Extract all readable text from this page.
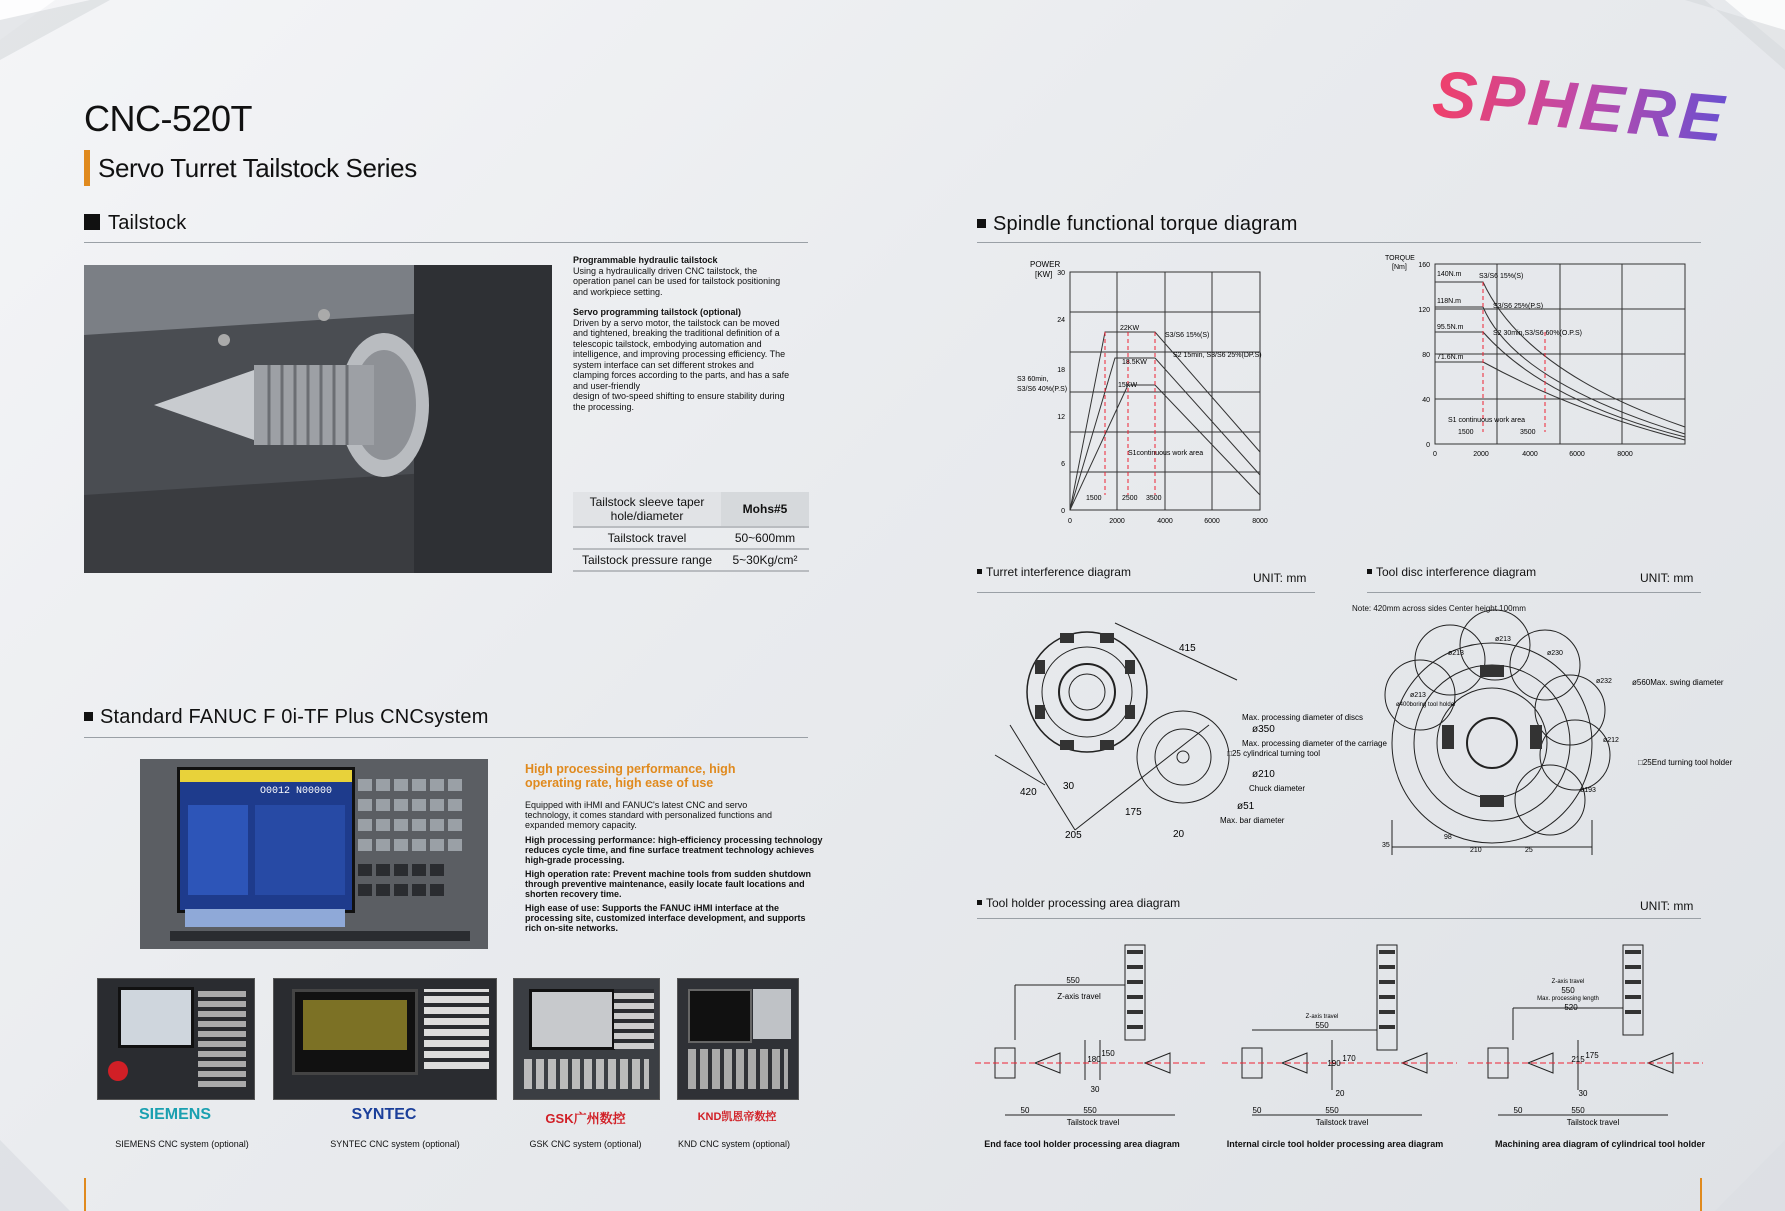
CNC-520T
Servo Turret Tailstock Series
SPHERE
Tailstock
Programmable hydraulic tailstock
Using a hydraulically driven CNC tailstock, the
operation panel can be used for tailstock positioning
and workpiece setting.
Servo programming tailstock (optional)
Driven by a servo motor, the tailstock can be moved
and tightened, breaking the traditional definition of a
telescopic tailstock, embodying automation and
intelligence, and improving processing efficiency. The
system interface can set different strokes and
clamping forces according to the parts, and has a safe
and user-friendly
design of two-speed shifting to ensure stability during
the processing.
Tailstock sleeve taper hole/diameter	Mohs#5
Tailstock travel	50~600mm
Tailstock pressure range	5~30Kg/cm²
Standard FANUC F 0i-TF Plus CNCsystem
O0012 N00000
High processing performance, high operating rate, high ease of use
Equipped with iHMI and FANUC's latest CNC and servo technology, it comes standard with personalized functions and expanded memory capacity.
High processing performance: high-efficiency processing technology reduces cycle time, and fine surface treatment technology achieves high-grade processing.
High operation rate: Prevent machine tools from sudden shutdown through preventive maintenance, easily locate fault locations and shorten recovery time.
High ease of use: Supports the FANUC iHMI interface at the processing site, customized interface development, and supports rich on-site networks.
SIEMENS	SYNTEC	GSK广州数控	KND凯恩帝数控
SIEMENS CNC system (optional)	SYNTEC CNC system (optional)	GSK CNC system (optional)	KND CNC system (optional)
Spindle functional torque diagram
POWER
[KW] 30
24
18
12
6
0
0	2000	4000	6000	8000
22KW
18.5KW
15KW
S3/S6 15%(S)
S2 15min, S3/S6 25%(DP.S)
S3 60min,
S3/S6 40%(P.S)
S1continuous work area
1500	2500 3500
TORQUE
[Nm] 160
120
80
40
0
0	2000	4000	6000	8000
140N.m
118N.m
95.5N.m
71.6N.m
S3/S6 15%(S)
S3/S6 25%(P.S)
S2 30min,S3/S6 60%(O.P.S)
S1 continuous work area
1500	3500
Turret interference diagram	UNIT: mm
415
420
30
175
205	20
ø350
ø210
ø51
Max. processing diameter of discs
Max. processing diameter of the carriage
□25 cylindrical turning tool
Chuck diameter
Max. bar diameter
Tool disc interference diagram	UNIT: mm
Note: 420mm across sides Center height 100mm
ø213
ø213
ø230
ø232
ø213
ø212
ø193
ø400boring tool holder
35
98
210	25
ø560Max. swing diameter
□25End turning tool holder
Tool holder processing area diagram	UNIT: mm
550
Z-axis travel
180
150
30
50	550
Tailstock travel
550
Z-axis travel
190
170
20
50	550
Tailstock travel
Z-axis travel
550
Max. processing length
520
215 175
30
50	550
Tailstock travel
End face tool holder processing area diagram	Internal circle tool holder processing area diagram	Machining area diagram of cylindrical tool holder
